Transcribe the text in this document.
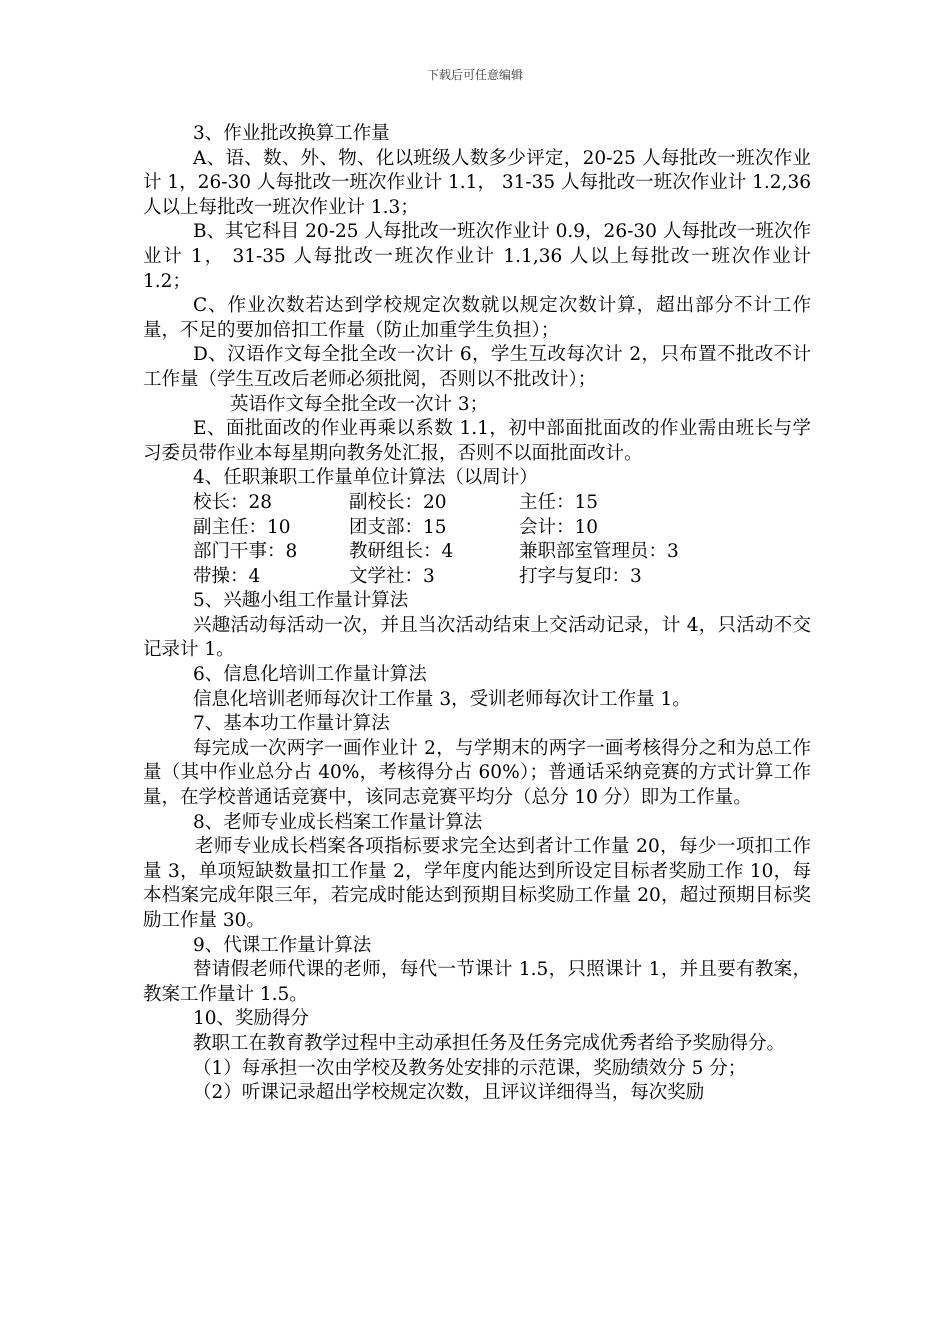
下载后可任意编辑

3、作业批改换算工作量

A、语、数、外、物、化以班级人数多少评定，20-25 人每批改一班次作业计 1，26-30 人每批改一班次作业计 1.1， 31-35 人每批改一班次作业计 1.2,36 人以上每批改一班次作业计 1.3；

B、其它科目 20-25 人每批改一班次作业计 0.9，26-30 人每批改一班次作业计 1， 31-35 人每批改一班次作业计 1.1,36 人以上每批改一班次作业计 1.2；

C、作业次数若达到学校规定次数就以规定次数计算，超出部分不计工作量，不足的要加倍扣工作量（防止加重学生负担）；

D、汉语作文每全批全改一次计 6，学生互改每次计 2，只布置不批改不计工作量（学生互改后老师必须批阅，否则以不批改计）；

英语作文每全批全改一次计 3；

E、面批面改的作业再乘以系数 1.1，初中部面批面改的作业需由班长与学习委员带作业本每星期向教务处汇报，否则不以面批面改计。

4、任职兼职工作量单位计算法（以周计）

校长：28	副校长：20	主任：15
副主任：10	团支部：15	会计：10
部门干事：8	教研组长：4	兼职部室管理员：3
带操：4	文学社：3	打字与复印：3

5、兴趣小组工作量计算法

兴趣活动每活动一次，并且当次活动结束上交活动记录，计 4，只活动不交记录计 1。

6、信息化培训工作量计算法

信息化培训老师每次计工作量 3，受训老师每次计工作量 1。

7、基本功工作量计算法

每完成一次两字一画作业计 2，与学期末的两字一画考核得分之和为总工作量（其中作业总分占 40%，考核得分占 60%）；普通话采纳竞赛的方式计算工作量，在学校普通话竞赛中，该同志竞赛平均分（总分 10 分）即为工作量。

8、老师专业成长档案工作量计算法

老师专业成长档案各项指标要求完全达到者计工作量 20，每少一项扣工作量 3，单项短缺数量扣工作量 2，学年度内能达到所设定目标者奖励工作 10，每本档案完成年限三年，若完成时能达到预期目标奖励工作量 20，超过预期目标奖励工作量 30。

9、代课工作量计算法

替请假老师代课的老师，每代一节课计 1.5，只照课计 1，并且要有教案，教案工作量计 1.5。

10、奖励得分

教职工在教育教学过程中主动承担任务及任务完成优秀者给予奖励得分。

（1）每承担一次由学校及教务处安排的示范课，奖励绩效分 5 分；

（2）听课记录超出学校规定次数，且评议详细得当，每次奖励
